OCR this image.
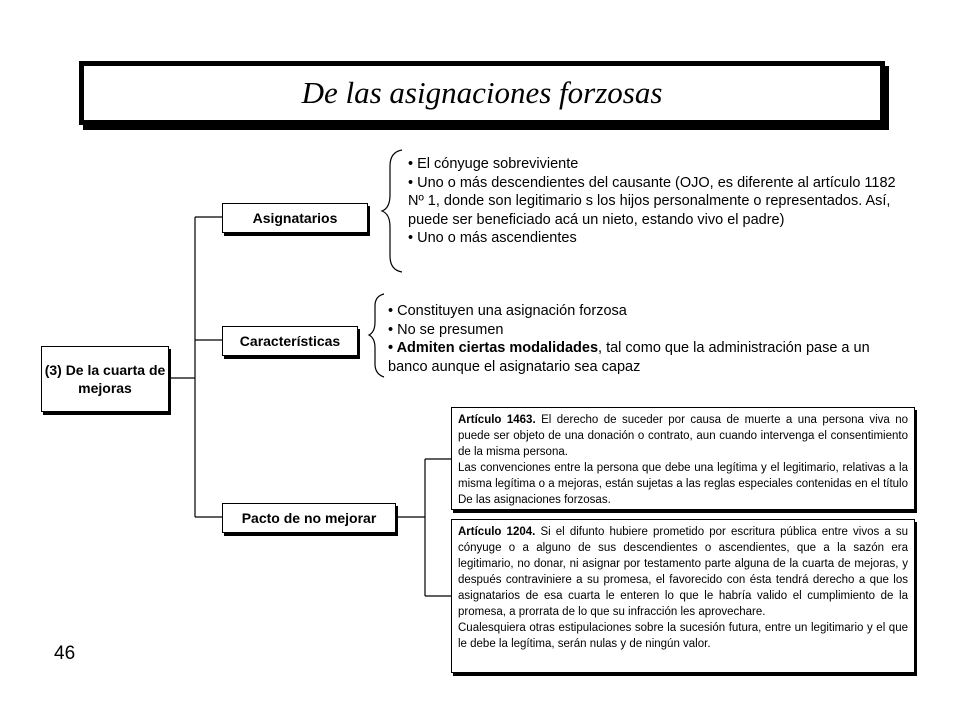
De las asignaciones forzosas
(3) De la cuarta de mejoras
Asignatarios
Características
Pacto de no mejorar

• El cónyuge sobreviviente

• Uno o más descendientes del causante (OJO, es diferente al artículo 1182 Nº 1, donde son legitimario s los hijos personalmente o representados. Así, puede ser beneficiado acá un nieto, estando vivo el padre)

• Uno o más ascendientes

• Constituyen una asignación forzosa

• No se presumen

• Admiten ciertas modalidades, tal como que la administración pase a un banco aunque el asignatario sea capaz

Artículo 1463. El derecho de suceder por causa de muerte a una persona viva no puede ser objeto de una donación o contrato, aun cuando intervenga el consentimiento de la misma persona.

Las convenciones entre la persona que debe una legítima y el legitimario, relativas a la misma legítima o a mejoras, están sujetas a las reglas especiales contenidas en el título De las asignaciones forzosas.

Artículo 1204. Si el difunto hubiere prometido por escritura pública entre vivos a su cónyuge o a alguno de sus descendientes o ascendientes, que a la sazón era legitimario, no donar, ni asignar por testamento parte alguna de la cuarta de mejoras, y después contraviniere a su promesa, el favorecido con ésta tendrá derecho a que los asignatarios de esa cuarta le enteren lo que le habría valido el cumplimiento de la promesa, a prorrata de lo que su infracción les aprovechare.

Cualesquiera otras estipulaciones sobre la sucesión futura, entre un legitimario y el que le debe la legítima, serán nulas y de ningún valor.

46
